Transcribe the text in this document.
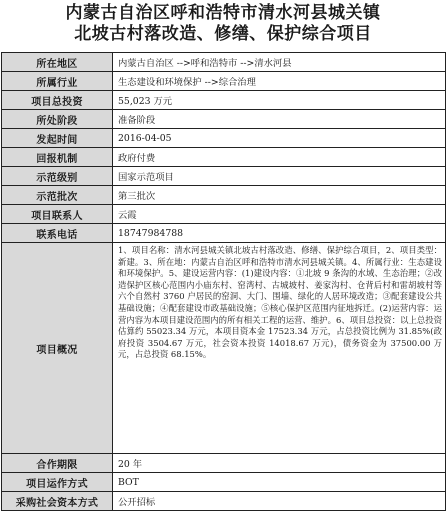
内蒙古自治区呼和浩特市清水河县城关镇
北坡古村落改造、修缮、保护综合项目
所在地区	内蒙古自治区 -->呼和浩特市 -->清水河县
所属行业	生态建设和环境保护 -->综合治理
项目总投资	55,023 万元
所处阶段	准备阶段
发起时间	2016-04-05
回报机制	政府付费
示范级别	国家示范项目
示范批次	第三批次
项目联系人	云霞
联系电话	18747984788
项目概况	1、项目名称：清水河县城关镇北坡古村落改造、修缮、保护综合项目，2、项目类型：新建。3、所在地：内蒙古自治区呼和浩特市清水河县城关镇。4、所属行业：生态建设和环境保护。5、建设运营内容：(1)建设内容：①北坡 9 条沟的水域、生态治理；②改造保护区核心范围内小庙东村、窑湾村、古城坡村、姜家沟村、仓背后村和雷胡坡村等六个自然村 3760 户居民的窑洞、大门、围墙、绿化的人居环境改造；③配套建设公共基础设施；④配套建设市政基础设施；⑤核心保护区范围内征地拆迁。(2)运营内容：运营内容为本项目建设范围内的所有相关工程的运营、维护。6、项目总投资：以上总投资估算约 55023.34 万元，本项目资本金 17523.34 万元，占总投资比例为 31.85%(政府投资 3504.67 万元，社会资本投资 14018.67 万元)，债务资金为 37500.00 万元，占总投资 68.15%。

合作期限	20 年
项目运作方式	BOT
采购社会资本方式	公开招标
